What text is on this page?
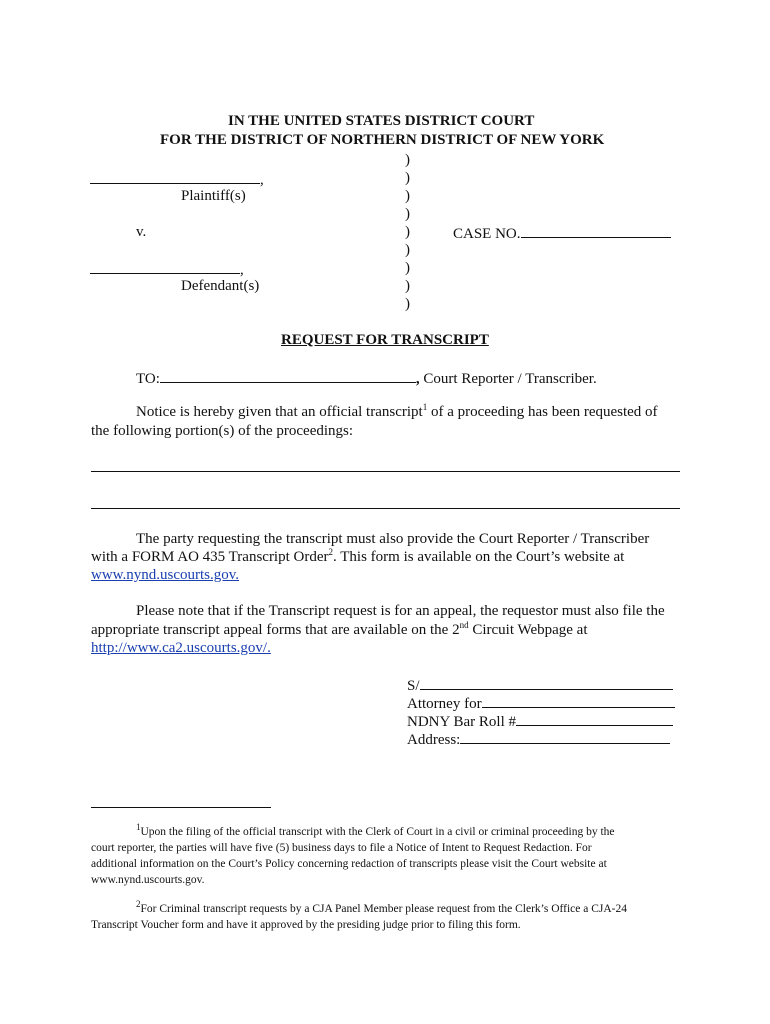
IN THE UNITED STATES DISTRICT COURT
FOR THE DISTRICT OF NORTHERN DISTRICT OF NEW YORK
)
)
)
)
)
)
)
)
)
,
Plaintiff(s)
v.	CASE NO.
,
Defendant(s)
REQUEST FOR TRANSCRIPT
TO:	, Court Reporter / Transcriber.
Notice is hereby given that an official transcript$^1$ of a proceeding has been requested of
the following portion(s) of the proceedings:
The party requesting the transcript must also provide the Court Reporter / Transcriber
with a FORM AO 435 Transcript Order$^2$. This form is available on the Court’s website at
www.nynd.uscourts.gov.
Please note that if the Transcript request is for an appeal, the requestor must also file the
appropriate transcript appeal forms that are available on the 2nd Circuit Webpage at
http://www.ca2.uscourts.gov/.
S/
Attorney for
NDNY Bar Roll #
Address:
$^1$Upon the filing of the official transcript with the Clerk of Court in a civil or criminal proceeding by the
court reporter, the parties will have five (5) business days to file a Notice of Intent to Request Redaction. For
additional information on the Court’s Policy concerning redaction of transcripts please visit the Court website at
www.nynd.uscourts.gov.
$^2$For Criminal transcript requests by a CJA Panel Member please request from the Clerk’s Office a CJA-24
Transcript Voucher form and have it approved by the presiding judge prior to filing this form.
